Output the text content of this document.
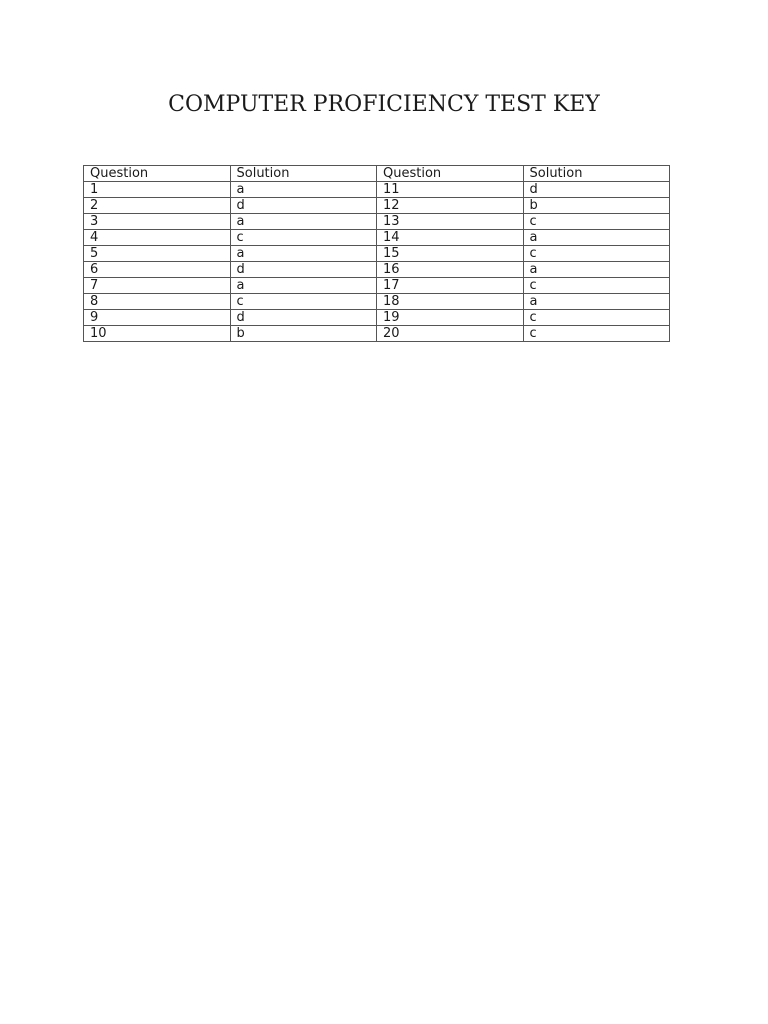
COMPUTER PROFICIENCY TEST KEY
Question	Solution	Question	Solution
1	a	11	d
2	d	12	b
3	a	13	c
4	c	14	a
5	a	15	c
6	d	16	a
7	a	17	c
8	c	18	a
9	d	19	c
10	b	20	c
